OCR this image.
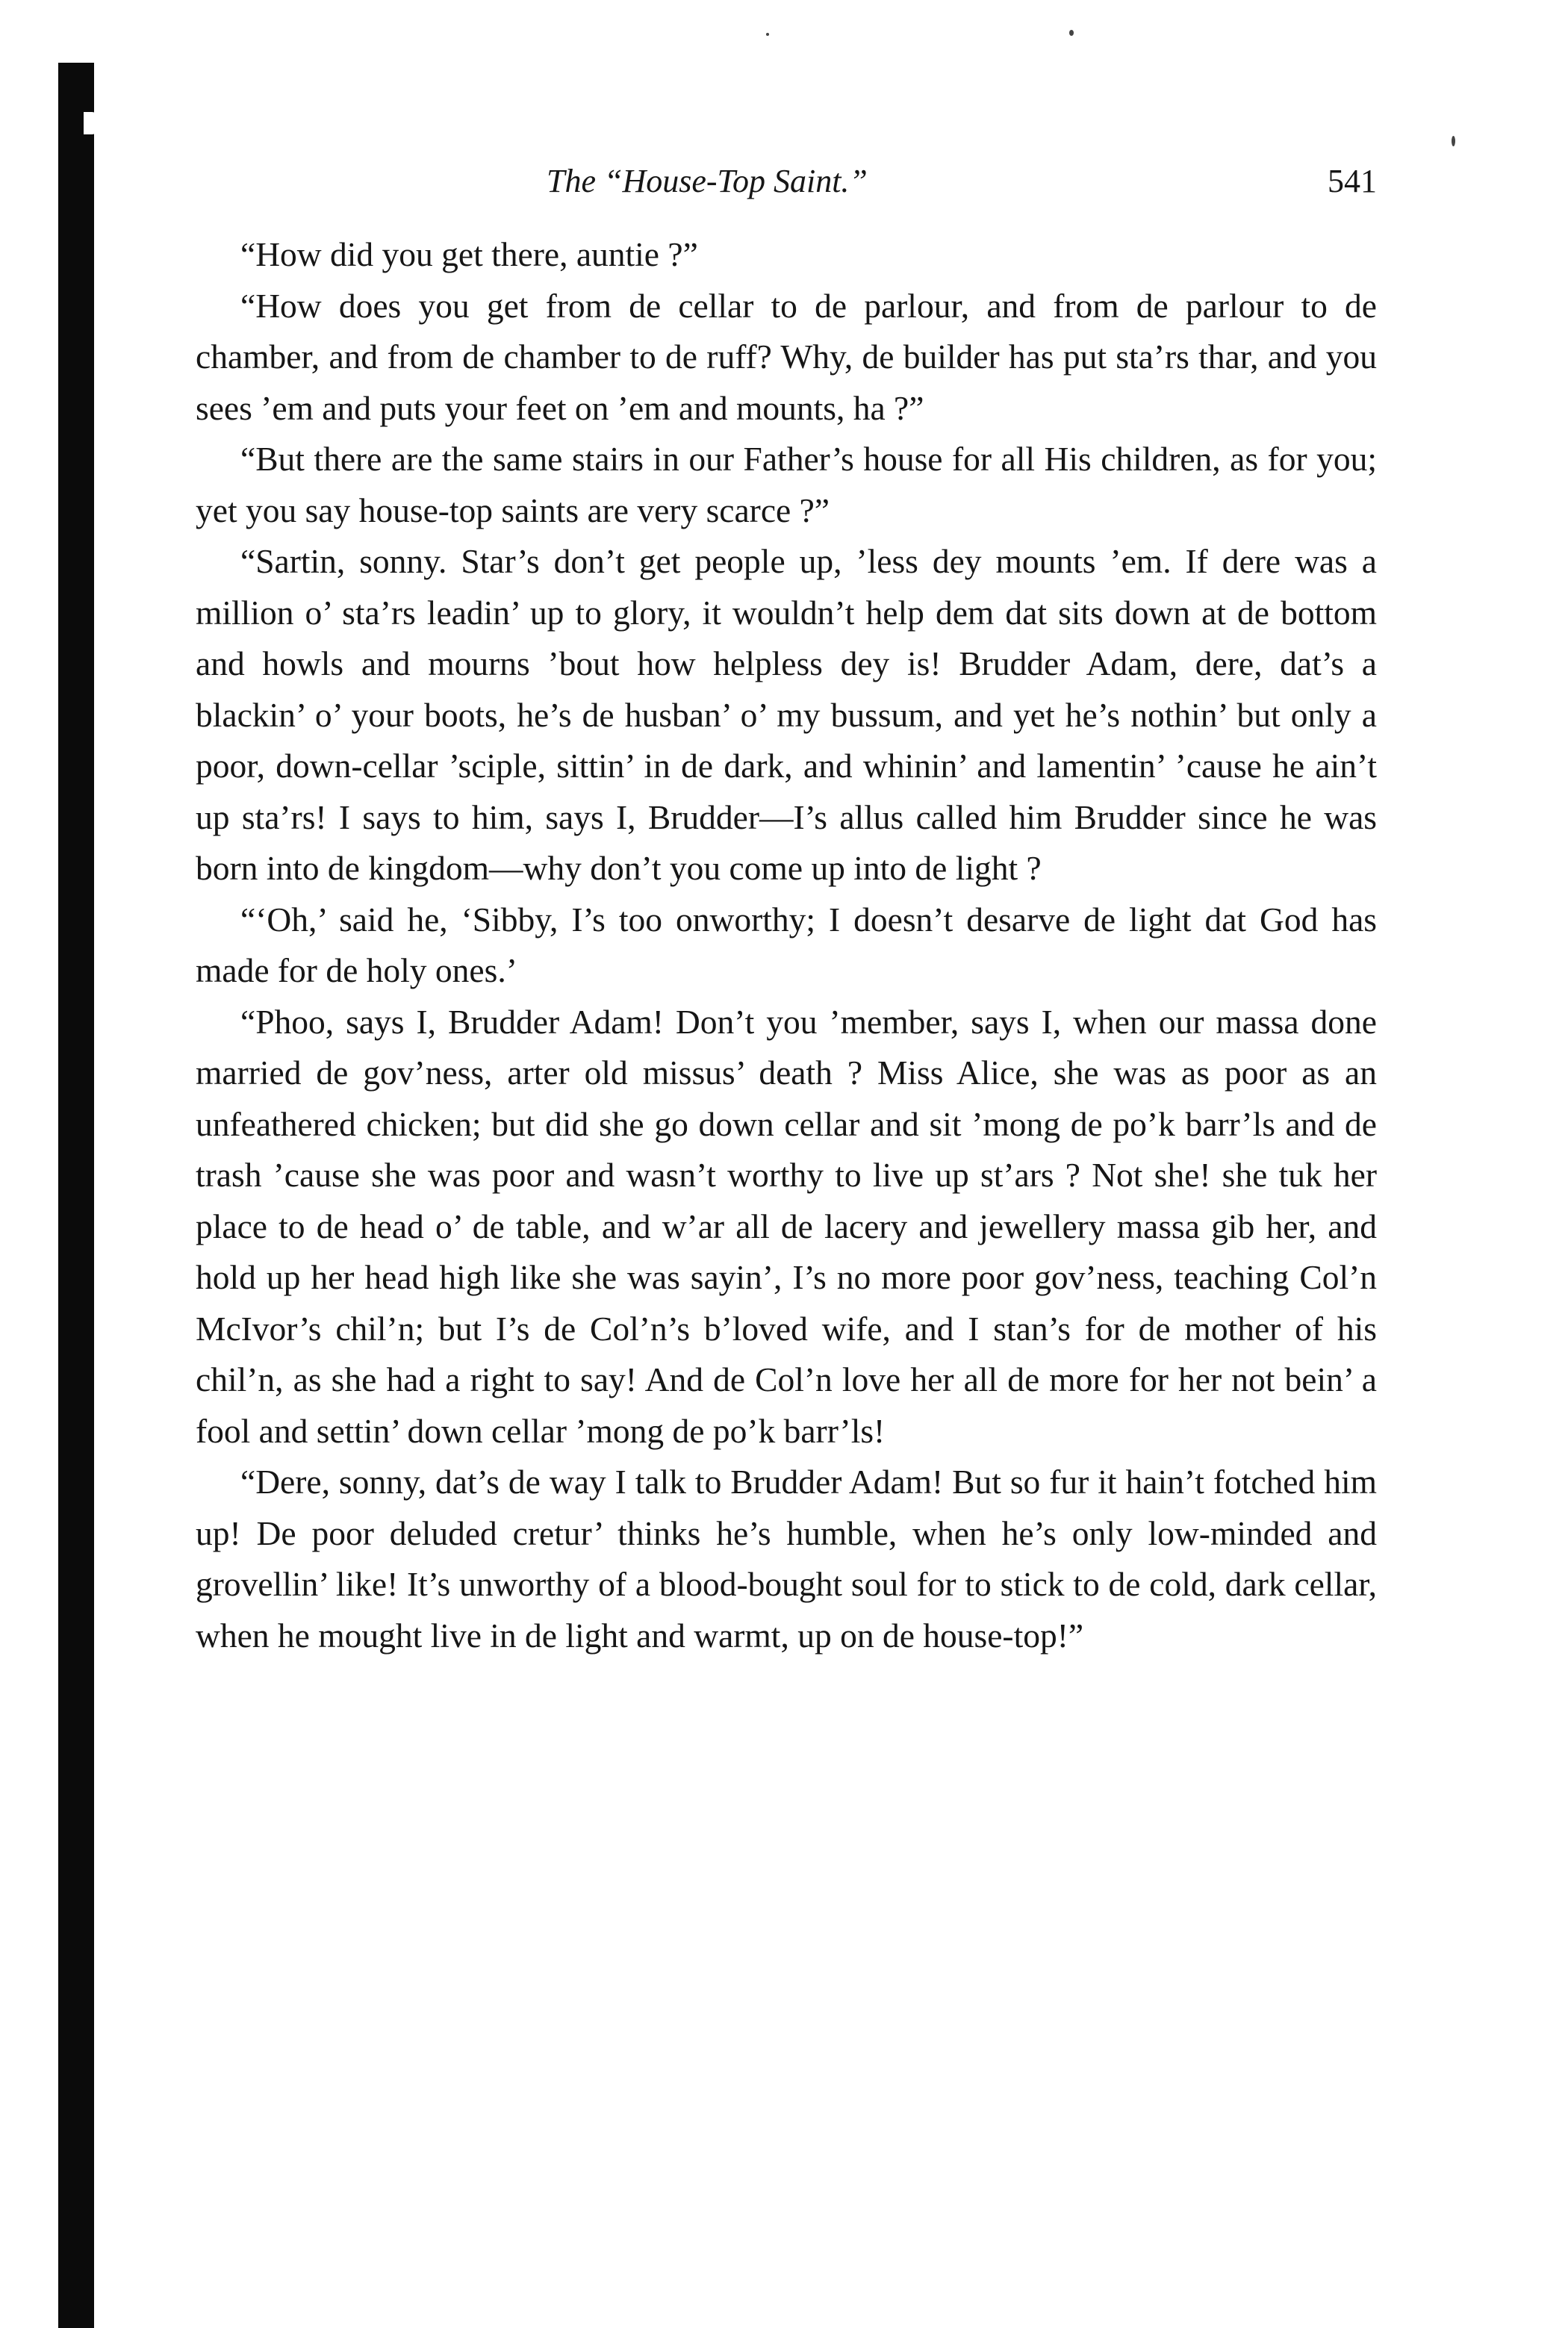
The “House-Top Saint.”	541

“How did you get there, auntie ?”

“How does you get from de cellar to de parlour, and from de parlour to de chamber, and from de chamber to de ruff? Why, de builder has put sta’rs thar, and you sees ’em and puts your feet on ’em and mounts, ha ?”

“But there are the same stairs in our Father’s house for all His children, as for you; yet you say house-top saints are very scarce ?”

“Sartin, sonny. Star’s don’t get people up, ’less dey mounts ’em. If dere was a million o’ sta’rs leadin’ up to glory, it wouldn’t help dem dat sits down at de bottom and howls and mourns ’bout how helpless dey is! Brudder Adam, dere, dat’s a blackin’ o’ your boots, he’s de husban’ o’ my bussum, and yet he’s nothin’ but only a poor, down-cellar ’sciple, sittin’ in de dark, and whinin’ and lamentin’ ’cause he ain’t up sta’rs! I says to him, says I, Brudder—I’s allus called him Brudder since he was born into de kingdom—why don’t you come up into de light ?

“‘Oh,’ said he, ‘Sibby, I’s too onworthy; I doesn’t desarve de light dat God has made for de holy ones.’

“Phoo, says I, Brudder Adam! Don’t you ’member, says I, when our massa done married de gov’ness, arter old missus’ death ? Miss Alice, she was as poor as an unfeathered chicken; but did she go down cellar and sit ’mong de po’k barr’ls and de trash ’cause she was poor and wasn’t worthy to live up st’ars ? Not she! she tuk her place to de head o’ de table, and w’ar all de lacery and jewellery massa gib her, and hold up her head high like she was sayin’, I’s no more poor gov’ness, teaching Col’n McIvor’s chil’n; but I’s de Col’n’s b’loved wife, and I stan’s for de mother of his chil’n, as she had a right to say! And de Col’n love her all de more for her not bein’ a fool and settin’ down cellar ’mong de po’k barr’ls!

“Dere, sonny, dat’s de way I talk to Brudder Adam! But so fur it hain’t fotched him up! De poor deluded cretur’ thinks he’s humble, when he’s only low-minded and grovellin’ like! It’s unworthy of a blood-bought soul for to stick to de cold, dark cellar, when he mought live in de light and warmt, up on de house-top!”
